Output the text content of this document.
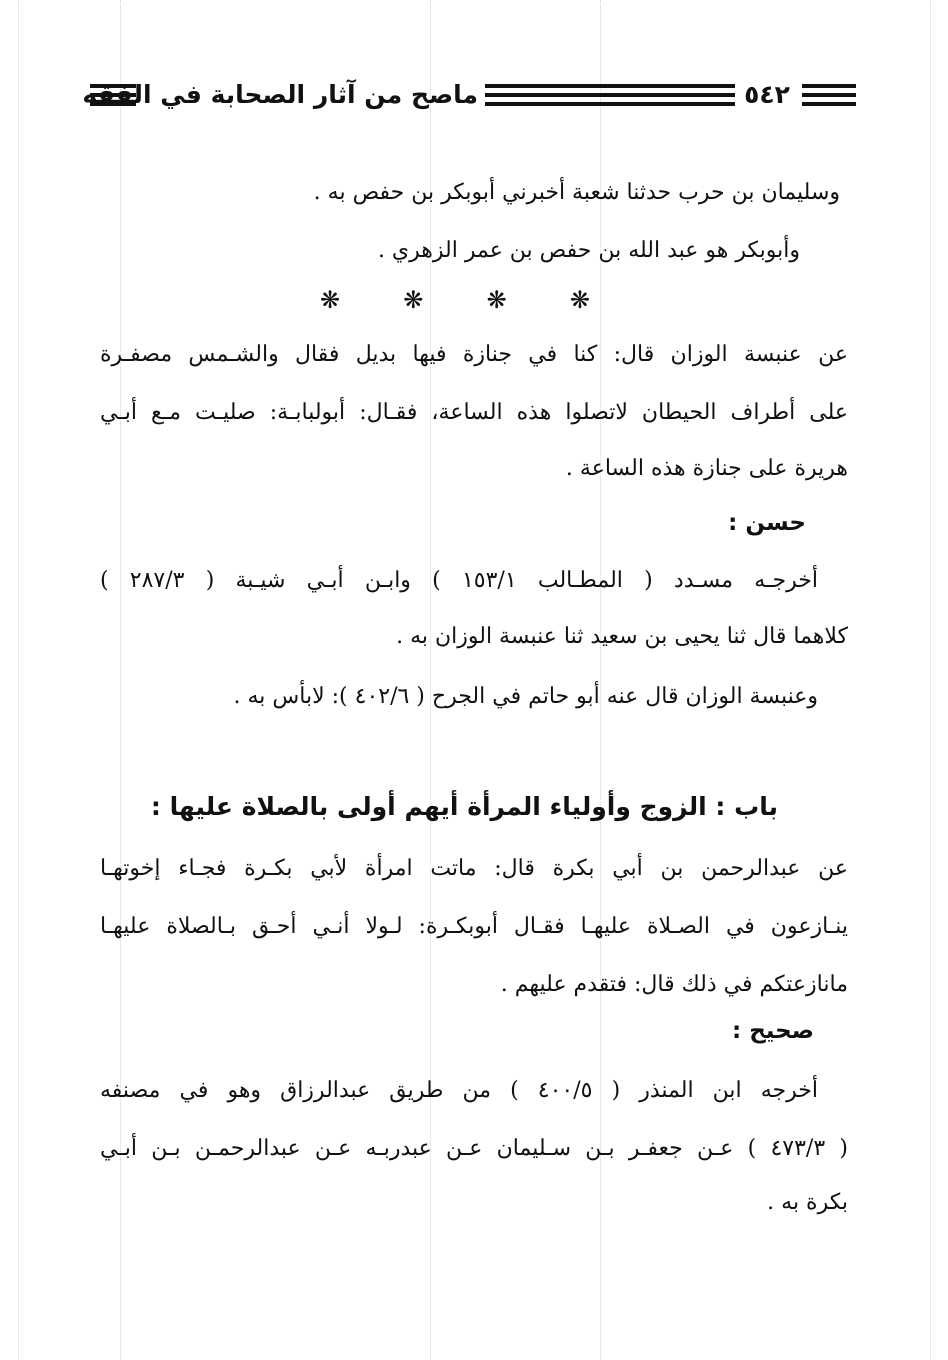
ماصح من آثار الصحابة في الفقه	٥٤٢
وسليمان بن حرب حدثنا شعبة أخبرني أبوبكر بن حفص به .
وأبوبكر هو عبد الله بن حفص بن عمر الزهري .
❋
❋
❋
❋
عن عنبسة الوزان قال: كنا في جنازة فيها بديل فقال والشـمس مصفـرة
على أطراف الحيطان لاتصلوا هذه الساعة، فقـال: أبولبابـة: صليـت مـع أبـي
هريرة على جنازة هذه الساعة .
حسن :
أخرجـه مسـدد ( المطـالب ١٥٣/١ ) وابـن أبـي شيـبة ( ٢٨٧/٣ )
كلاهما قال ثنا يحيى بن سعيد ثنا عنبسة الوزان به .
وعنبسة الوزان قال عنه أبو حاتم في الجرح ( ٤٠٢/٦ ): لابأس به .
باب : الزوج وأولياء المرأة أيهم أولى بالصلاة عليها :
عن عبدالرحمن بن أبي بكرة قال: ماتت امرأة لأبي بكـرة فجـاء إخوتهـا
ينـازعون في الصـلاة عليهـا فقـال أبوبكـرة: لـولا أنـي أحـق بـالصلاة عليهـا
مانازعتكم في ذلك قال: فتقدم عليهم .
صحيح :
أخرجه ابن المنذر ( ٤٠٠/٥ ) من طريق عبدالرزاق وهو في مصنفه
( ٤٧٣/٣ ) عـن جعفـر بـن سـليمان عـن عبدربـه عـن عبدالرحمـن بـن أبـي
بكرة به .
